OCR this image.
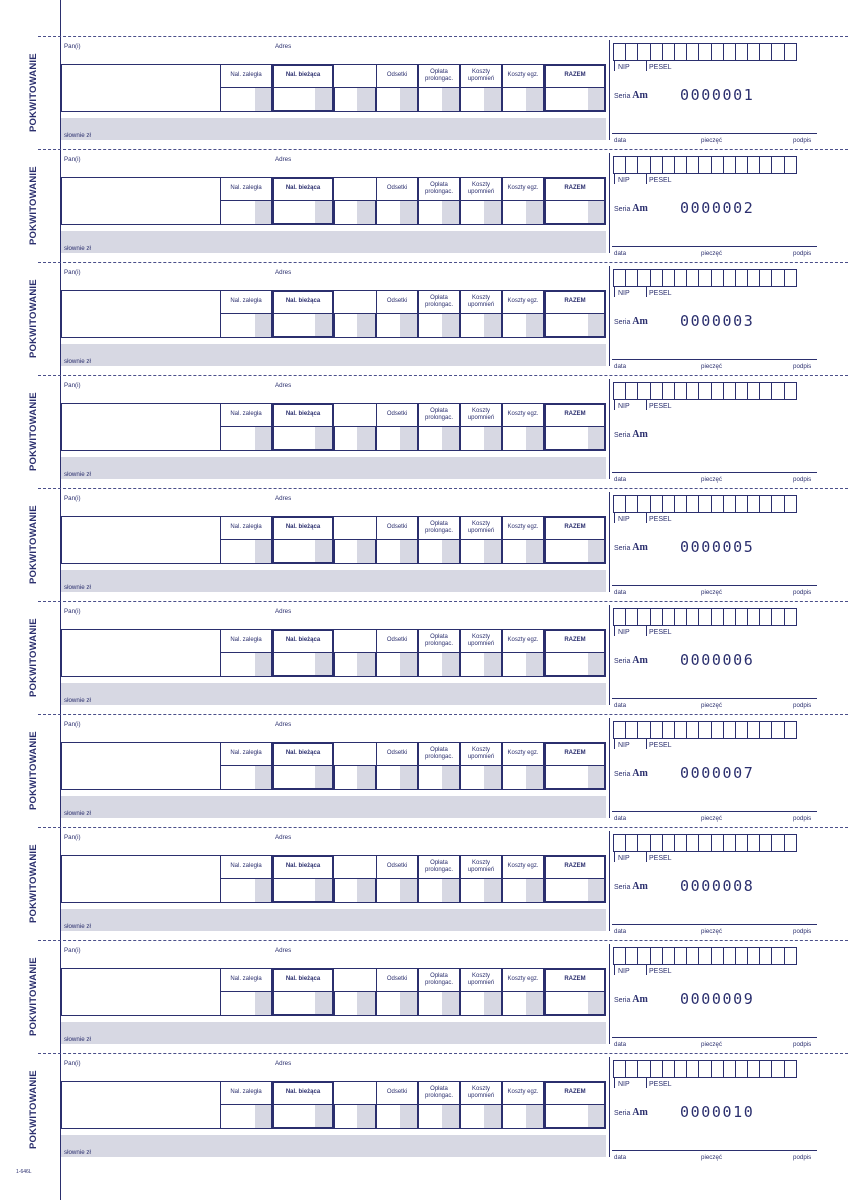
1-646L
POKWITOWANIE
Pan(i)	Adres
Nal. zaległa	Nal. bieżąca	Odsetki
Opłata
prolongac.
Koszty
upomnień
Koszty egz.	RAZEM
słownie zł
NIP	PESEL
Seria Am 0000001
data	pieczęć	podpis
POKWITOWANIE
Pan(i)	Adres
Nal. zaległa	Nal. bieżąca	Odsetki
Opłata
prolongac.
Koszty
upomnień
Koszty egz.	RAZEM
słownie zł
NIP	PESEL
Seria Am 0000002
data	pieczęć	podpis
POKWITOWANIE
Pan(i)	Adres
Nal. zaległa	Nal. bieżąca	Odsetki
Opłata
prolongac.
Koszty
upomnień
Koszty egz.	RAZEM
słownie zł
NIP	PESEL
Seria Am 0000003
data	pieczęć	podpis
POKWITOWANIE
Pan(i)	Adres
Nal. zaległa	Nal. bieżąca	Odsetki
Opłata
prolongac.
Koszty
upomnień
Koszty egz.	RAZEM
słownie zł
NIP	PESEL
Seria Am
data	pieczęć	podpis
POKWITOWANIE
Pan(i)	Adres
Nal. zaległa	Nal. bieżąca	Odsetki
Opłata
prolongac.
Koszty
upomnień
Koszty egz.	RAZEM
słownie zł
NIP	PESEL
Seria Am 0000005
data	pieczęć	podpis
POKWITOWANIE
Pan(i)	Adres
Nal. zaległa	Nal. bieżąca	Odsetki
Opłata
prolongac.
Koszty
upomnień
Koszty egz.	RAZEM
słownie zł
NIP	PESEL
Seria Am 0000006
data	pieczęć	podpis
POKWITOWANIE
Pan(i)	Adres
Nal. zaległa	Nal. bieżąca	Odsetki
Opłata
prolongac.
Koszty
upomnień
Koszty egz.	RAZEM
słownie zł
NIP	PESEL
Seria Am 0000007
data	pieczęć	podpis
POKWITOWANIE
Pan(i)	Adres
Nal. zaległa	Nal. bieżąca	Odsetki
Opłata
prolongac.
Koszty
upomnień
Koszty egz.	RAZEM
słownie zł
NIP	PESEL
Seria Am 0000008
data	pieczęć	podpis
POKWITOWANIE
Pan(i)	Adres
Nal. zaległa	Nal. bieżąca	Odsetki
Opłata
prolongac.
Koszty
upomnień
Koszty egz.	RAZEM
słownie zł
NIP	PESEL
Seria Am 0000009
data	pieczęć	podpis
POKWITOWANIE
Pan(i)	Adres
Nal. zaległa	Nal. bieżąca	Odsetki
Opłata
prolongac.
Koszty
upomnień
Koszty egz.	RAZEM
słownie zł
NIP	PESEL
Seria Am 0000010
data	pieczęć	podpis
